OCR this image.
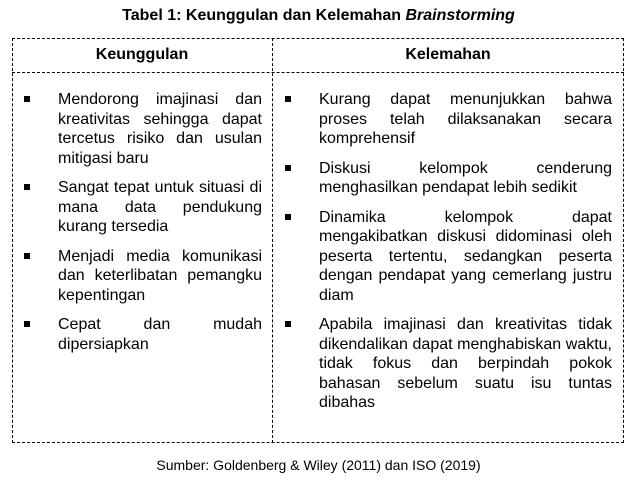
Tabel 1: Keunggulan dan Kelemahan Brainstorming
Keunggulan	Kelemahan
Mendorong imajinasi dan kreativitas sehingga dapat tercetus risiko dan usulan mitigasi baru
Sangat tepat untuk situasi di mana data pendukung kurang tersedia
Menjadi media komunikasi dan keterlibatan pemangku kepentingan
Cepat dan mudah dipersiapkan
Kurang dapat menunjukkan bahwa proses telah dilaksanakan secara komprehensif
Diskusi kelompok cenderung menghasilkan pendapat lebih sedikit
Dinamika kelompok dapat mengakibatkan diskusi didominasi oleh peserta tertentu, sedangkan peserta dengan pendapat yang cemerlang justru diam
Apabila imajinasi dan kreativitas tidak dikendalikan dapat menghabiskan waktu, tidak fokus dan berpindah pokok bahasan sebelum suatu isu tuntas dibahas
Sumber: Goldenberg & Wiley (2011) dan ISO (2019)
